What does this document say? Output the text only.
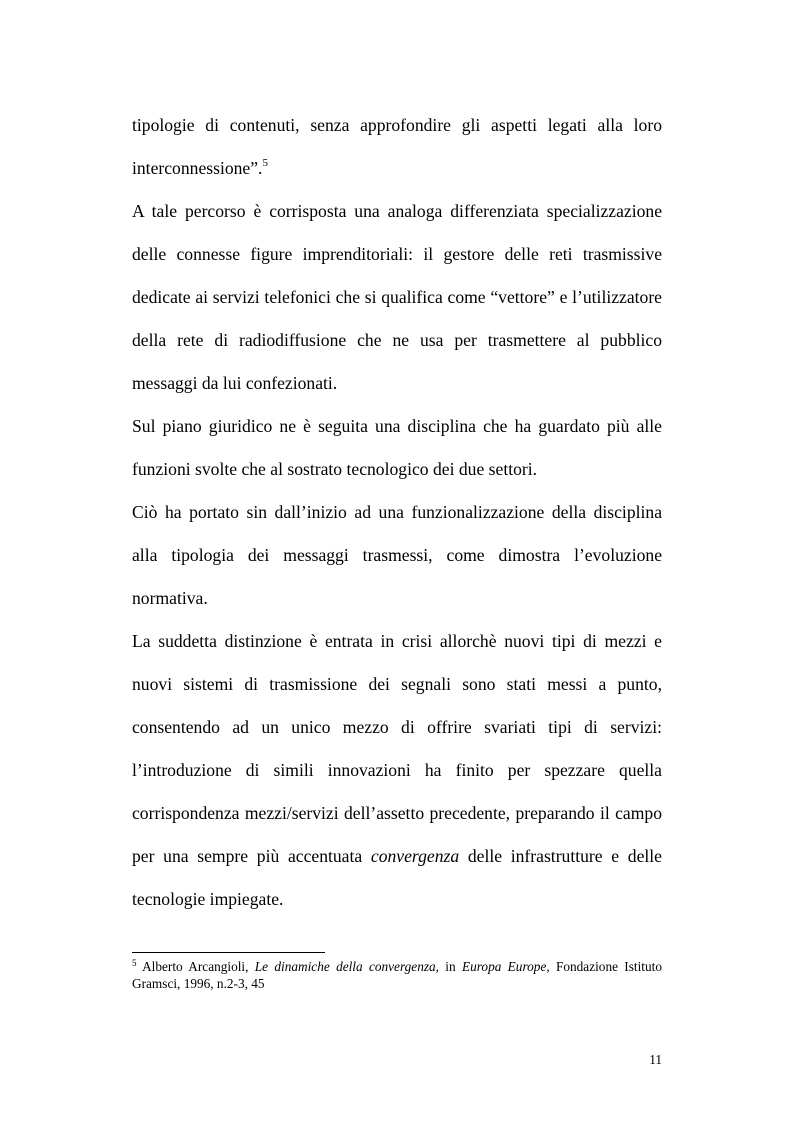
tipologie di contenuti, senza approfondire gli aspetti legati alla loro interconnessione”.$^5$

A tale percorso è corrisposta una analoga differenziata specializzazione delle connesse figure imprenditoriali: il gestore delle reti trasmissive dedicate ai servizi telefonici che si qualifica come “vettore” e l’utilizzatore della rete di radiodiffusione che ne usa per trasmettere al pubblico messaggi da lui confezionati.

Sul piano giuridico ne è seguita una disciplina che ha guardato più alle funzioni svolte che al sostrato tecnologico dei due settori.

Ciò ha portato sin dall’inizio ad una funzionalizzazione della disciplina alla tipologia dei messaggi trasmessi, come dimostra l’evoluzione normativa.

La suddetta distinzione è entrata in crisi allorchè nuovi tipi di mezzi e nuovi sistemi di trasmissione dei segnali sono stati messi a punto, consentendo ad un unico mezzo di offrire svariati tipi di servizi: l’introduzione di simili innovazioni ha finito per spezzare quella corrispondenza mezzi/servizi dell’assetto precedente, preparando il campo per una sempre più accentuata convergenza delle infrastrutture e delle tecnologie impiegate.

$^5$ Alberto Arcangioli, Le dinamiche della convergenza, in Europa Europe, Fondazione Istituto Gramsci, 1996, n.2-3, 45

11
